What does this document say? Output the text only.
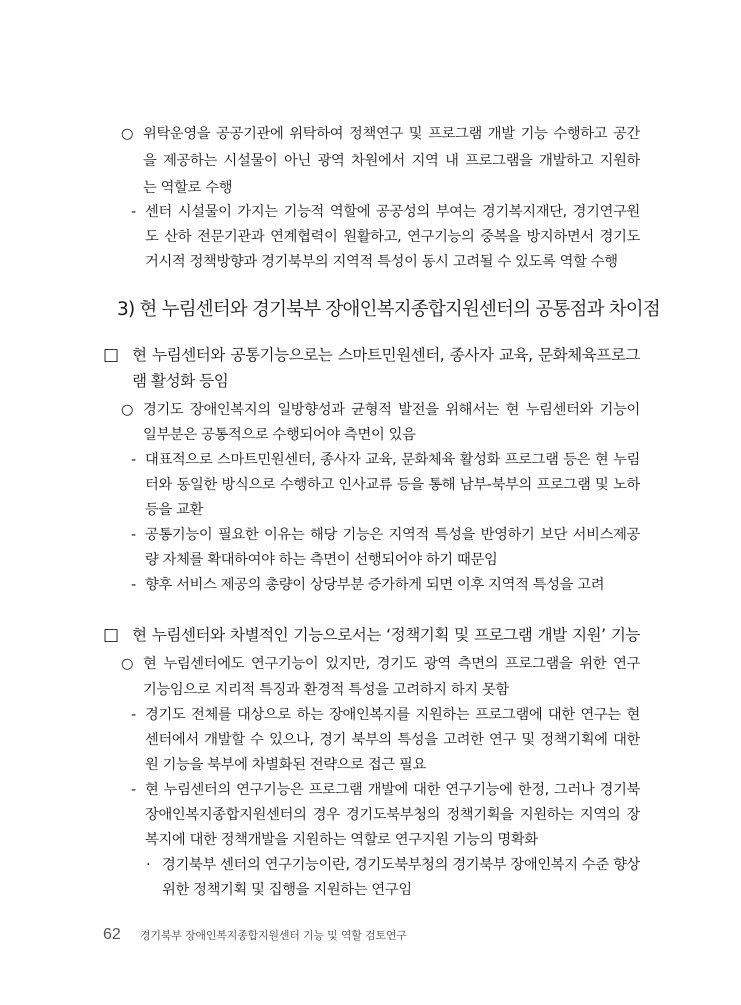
○ 위탁운영을 공공기관에 위탁하여 정책연구 및 프로그램 개발 기능 수행하고 공간
을 제공하는 시설물이 아닌 광역 차원에서 지역 내 프로그램을 개발하고 지원하
는 역할로 수행
- 센터 시설물이 가지는 기능적 역할에 공공성의 부여는 경기복지재단, 경기연구원
도 산하 전문기관과 연계협력이 원활하고, 연구기능의 중복을 방지하면서 경기도
거시적 정책방향과 경기북부의 지역적 특성이 동시 고려될 수 있도록 역할 수행
3) 현 누림센터와 경기북부 장애인복지종합지원센터의 공통점과 차이점
□ 현 누림센터와 공통기능으로는 스마트민원센터, 종사자 교육, 문화체육프로그
램 활성화 등임
○ 경기도 장애인복지의 일방향성과 균형적 발전을 위해서는 현 누림센터와 기능이
일부분은 공통적으로 수행되어야 측면이 있음
- 대표적으로 스마트민원센터, 종사자 교육, 문화체육 활성화 프로그램 등은 현 누림
터와 동일한 방식으로 수행하고 인사교류 등을 통해 남부-북부의 프로그램 및 노하
등을 교환
- 공통기능이 필요한 이유는 해당 기능은 지역적 특성을 반영하기 보단 서비스제공
량 자체를 확대하여야 하는 측면이 선행되어야 하기 때문임
- 향후 서비스 제공의 총량이 상당부분 증가하게 되면 이후 지역적 특성을 고려
□ 현 누림센터와 차별적인 기능으로서는 ‘정책기획 및 프로그램 개발 지원’ 기능
○ 현 누림센터에도 연구기능이 있지만, 경기도 광역 측면의 프로그램을 위한 연구
기능임으로 지리적 특징과 환경적 특성을 고려하지 하지 못함
- 경기도 전체를 대상으로 하는 장애인복지를 지원하는 프로그램에 대한 연구는 현
센터에서 개발할 수 있으나, 경기 북부의 특성을 고려한 연구 및 정책기획에 대한
원 기능을 북부에 차별화된 전략으로 접근 필요
- 현 누림센터의 연구기능은 프로그램 개발에 대한 연구기능에 한정, 그러나 경기북
장애인복지종합지원센터의 경우 경기도북부청의 정책기획을 지원하는 지역의 장
복지에 대한 정책개발을 지원하는 역할로 연구지원 기능의 명확화
· 경기북부 센터의 연구기능이란, 경기도북부청의 경기북부 장애인복지 수준 향상
위한 정책기획 및 집행을 지원하는 연구임
62 경기북부 장애인복지종합지원센터 기능 및 역할 검토연구
